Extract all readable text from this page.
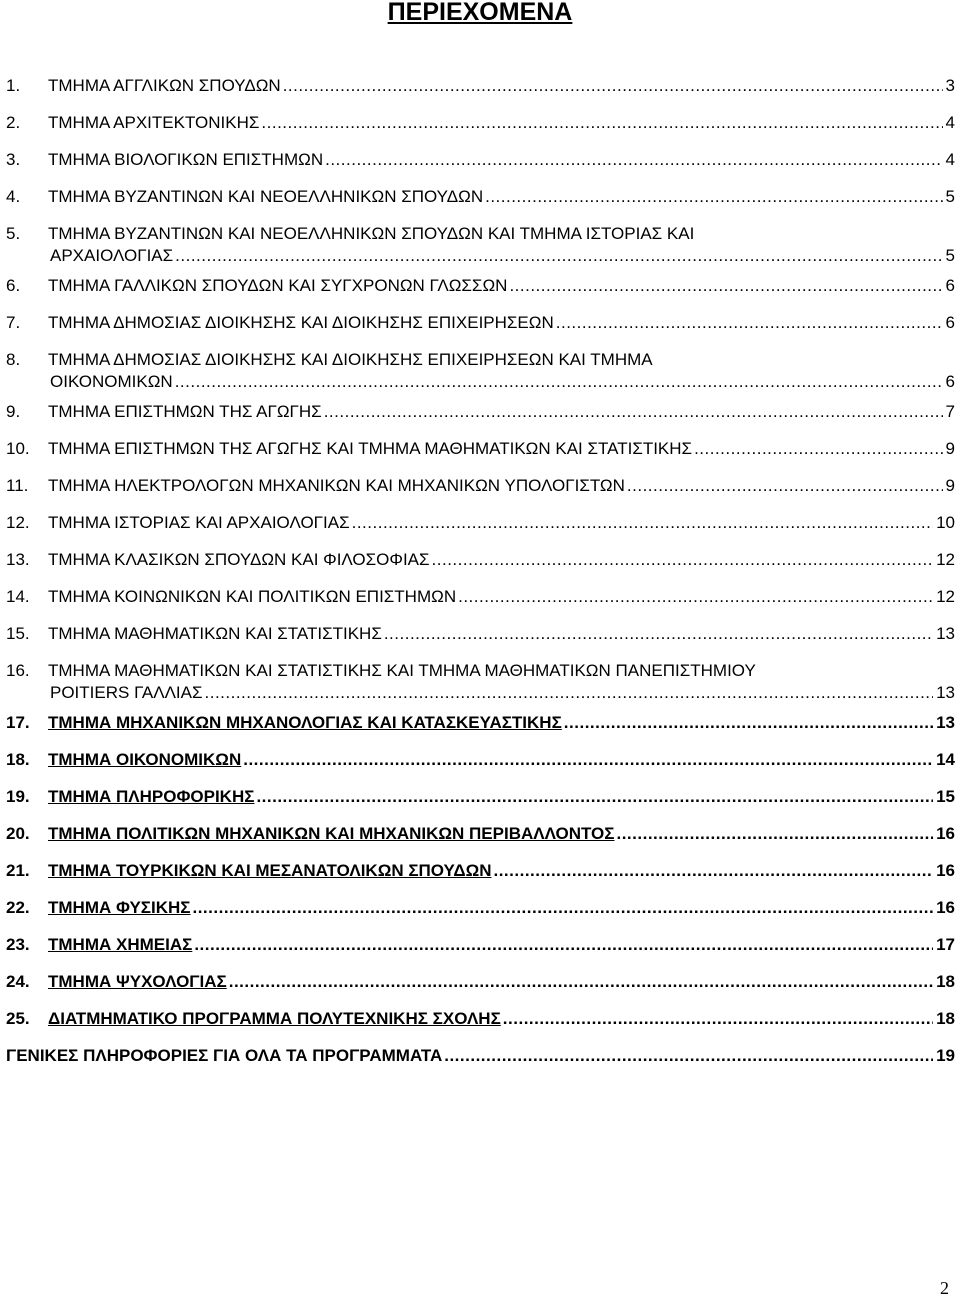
ΠΕΡΙΕΧΟΜΕΝΑ
1. ΤΜΗΜΑ ΑΓΓΛΙΚΩΝ ΣΠΟΥΔΩΝ .....	3
2. ΤΜΗΜΑ ΑΡΧΙΤΕΚΤΟΝΙΚΗΣ .....	4
3. ΤΜΗΜΑ ΒΙΟΛΟΓΙΚΩΝ ΕΠΙΣΤΗΜΩΝ .....	4
4. ΤΜΗΜΑ ΒΥΖΑΝΤΙΝΩΝ ΚΑΙ ΝΕΟΕΛΛΗΝΙΚΩΝ ΣΠΟΥΔΩΝ .....	5
5. ΤΜΗΜΑ ΒΥΖΑΝΤΙΝΩΝ ΚΑΙ ΝΕΟΕΛΛΗΝΙΚΩΝ ΣΠΟΥΔΩΝ ΚΑΙ ΤΜΗΜΑ ΙΣΤΟΡΙΑΣ ΚΑΙ
ΑΡΧΑΙΟΛΟΓΙΑΣ .....	5
6. ΤΜΗΜΑ ΓΑΛΛΙΚΩΝ ΣΠΟΥΔΩΝ ΚΑΙ ΣΥΓΧΡΟΝΩΝ ΓΛΩΣΣΩΝ .....	6
7. ΤΜΗΜΑ ΔΗΜΟΣΙΑΣ ΔΙΟΙΚΗΣΗΣ ΚΑΙ ΔΙΟΙΚΗΣΗΣ ΕΠΙΧΕΙΡΗΣΕΩΝ .....	6
8. ΤΜΗΜΑ ΔΗΜΟΣΙΑΣ ΔΙΟΙΚΗΣΗΣ ΚΑΙ ΔΙΟΙΚΗΣΗΣ ΕΠΙΧΕΙΡΗΣΕΩΝ ΚΑΙ ΤΜΗΜΑ
ΟΙΚΟΝΟΜΙΚΩΝ .....	6
9. ΤΜΗΜΑ ΕΠΙΣΤΗΜΩΝ ΤΗΣ ΑΓΩΓΗΣ .....	7
10. ΤΜΗΜΑ ΕΠΙΣΤΗΜΩΝ ΤΗΣ ΑΓΩΓΗΣ ΚΑΙ ΤΜΗΜΑ ΜΑΘΗΜΑΤΙΚΩΝ ΚΑΙ ΣΤΑΤΙΣΤΙΚΗΣ .....	9
11. ΤΜΗΜΑ ΗΛΕΚΤΡΟΛΟΓΩΝ ΜΗΧΑΝΙΚΩΝ ΚΑΙ ΜΗΧΑΝΙΚΩΝ ΥΠΟΛΟΓΙΣΤΩΝ .....	9
12. ΤΜΗΜΑ ΙΣΤΟΡΙΑΣ ΚΑΙ ΑΡΧΑΙΟΛΟΓΙΑΣ .....	10
13. ΤΜΗΜΑ ΚΛΑΣΙΚΩΝ ΣΠΟΥΔΩΝ ΚΑΙ ΦΙΛΟΣΟΦΙΑΣ .....	12
14. ΤΜΗΜΑ ΚΟΙΝΩΝΙΚΩΝ ΚΑΙ ΠΟΛΙΤΙΚΩΝ ΕΠΙΣΤΗΜΩΝ .....	12
15. ΤΜΗΜΑ ΜΑΘΗΜΑΤΙΚΩΝ ΚΑΙ ΣΤΑΤΙΣΤΙΚΗΣ .....	13
16. ΤΜΗΜΑ ΜΑΘΗΜΑΤΙΚΩΝ ΚΑΙ ΣΤΑΤΙΣΤΙΚΗΣ ΚΑΙ ΤΜΗΜΑ ΜΑΘΗΜΑΤΙΚΩΝ ΠΑΝΕΠΙΣΤΗΜΙΟΥ
POITIERS ΓΑΛΛΙΑΣ .....	13
17. ΤΜΗΜΑ ΜΗΧΑΝΙΚΩΝ ΜΗΧΑΝΟΛΟΓΙΑΣ ΚΑΙ ΚΑΤΑΣΚΕΥΑΣΤΙΚΗΣ .....	13
18. ΤΜΗΜΑ ΟΙΚΟΝΟΜΙΚΩΝ .....	14
19. ΤΜΗΜΑ ΠΛΗΡΟΦΟΡΙΚΗΣ .....	15
20. ΤΜΗΜΑ ΠΟΛΙΤΙΚΩΝ ΜΗΧΑΝΙΚΩΝ ΚΑΙ ΜΗΧΑΝΙΚΩΝ ΠΕΡΙΒΑΛΛΟΝΤΟΣ .....	16
21. ΤΜΗΜΑ ΤΟΥΡΚΙΚΩΝ ΚΑΙ ΜΕΣΑΝΑΤΟΛΙΚΩΝ ΣΠΟΥΔΩΝ .....	16
22. ΤΜΗΜΑ ΦΥΣΙΚΗΣ .....	16
23. ΤΜΗΜΑ ΧΗΜΕΙΑΣ .....	17
24. ΤΜΗΜΑ ΨΥΧΟΛΟΓΙΑΣ .....	18
25. ΔΙΑΤΜΗΜΑΤΙΚΟ ΠΡΟΓΡΑΜΜΑ ΠΟΛΥΤΕΧΝΙΚΗΣ ΣΧΟΛΗΣ .....	18
ΓΕΝΙΚΕΣ ΠΛΗΡΟΦΟΡΙΕΣ ΓΙΑ ΟΛΑ ΤΑ ΠΡΟΓΡΑΜΜΑΤΑ .....	19
2
